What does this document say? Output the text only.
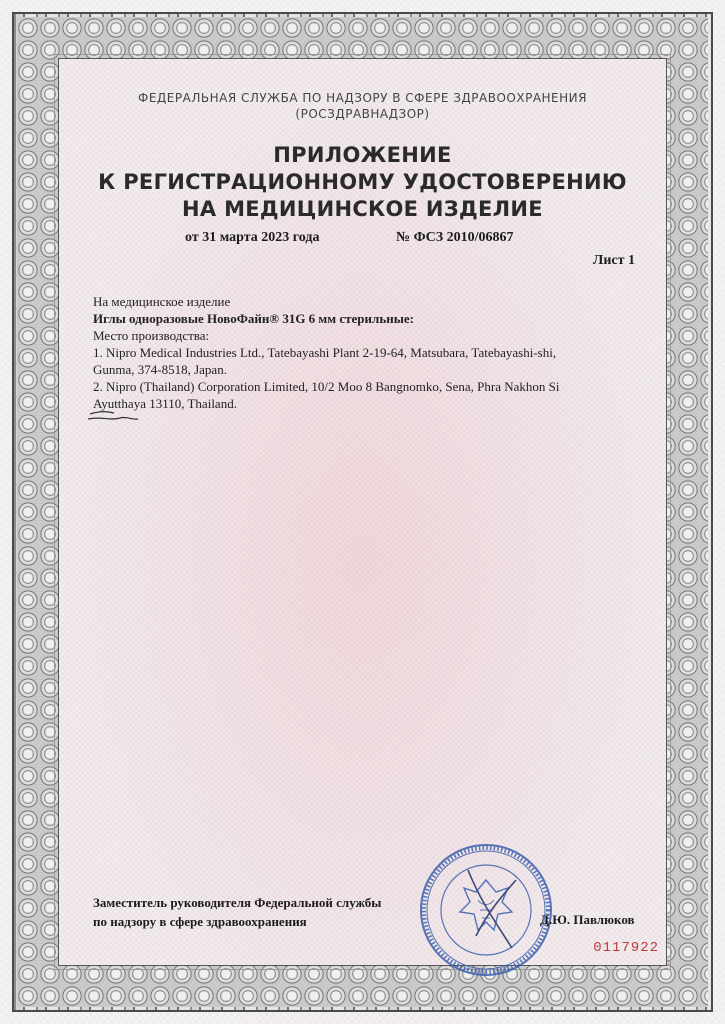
ФЕДЕРАЛЬНАЯ СЛУЖБА ПО НАДЗОРУ В СФЕРЕ ЗДРАВООХРАНЕНИЯ
(РОСЗДРАВНАДЗОР)
ПРИЛОЖЕНИЕ
К РЕГИСТРАЦИОННОМУ УДОСТОВЕРЕНИЮ
НА МЕДИЦИНСКОЕ ИЗДЕЛИЕ
от 31 марта 2023 года	№ ФСЗ 2010/06867
Лист 1
На медицинское изделие
Иглы одноразовые НовоФайн® 31G 6 мм стерильные:
Место производства:
1. Nipro Medical Industries Ltd., Tatebayashi Plant 2-19-64, Matsubara, Tatebayashi-shi,
Gunma, 374-8518, Japan.
2. Nipro (Thailand) Corporation Limited, 10/2 Moo 8 Bangnomko, Sena, Phra Nakhon Si
Ayutthaya 13110, Thailand.
Заместитель руководителя Федеральной службы
по надзору в сфере здравоохранения	Д.Ю. Павлюков
0117922
